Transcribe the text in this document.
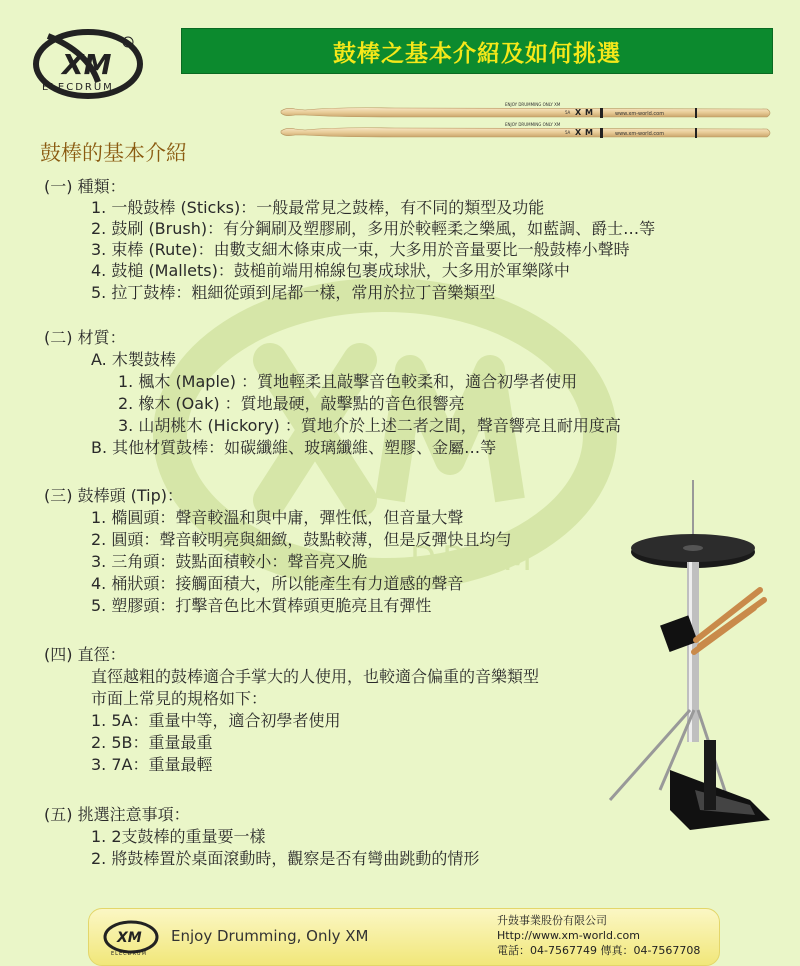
DRUM
XM
R
ELECDRUM
鼓棒之基本介紹及如何挑選
ENJOY DRUMMING ONLY XM
5A X M	www.xm-world.com
ENJOY DRUMMING ONLY XM
5A X M	www.xm-world.com
鼓棒的基本介紹
(一) 種類：
1. 一般鼓棒 (Sticks)：一般最常見之鼓棒，有不同的類型及功能
2. 鼓刷 (Brush)：有分鋼刷及塑膠刷，多用於較輕柔之樂風，如藍調、爵士…等
3. 束棒 (Rute)：由數支細木條束成一束，大多用於音量要比一般鼓棒小聲時
4. 鼓槌 (Mallets)：鼓槌前端用棉線包裹成球狀，大多用於軍樂隊中
5. 拉丁鼓棒：粗細從頭到尾都一樣，常用於拉丁音樂類型
(二) 材質：
A. 木製鼓棒
1. 楓木 (Maple) ：質地輕柔且敲擊音色較柔和，適合初學者使用
2. 橡木 (Oak) ：質地最硬，敲擊點的音色很響亮
3. 山胡桃木 (Hickory) ：質地介於上述二者之間，聲音響亮且耐用度高
B. 其他材質鼓棒：如碳纖維、玻璃纖維、塑膠、金屬…等
(三) 鼓棒頭 (Tip)：
1. 橢圓頭：聲音較溫和與中庸，彈性低，但音量大聲
2. 圓頭：聲音較明亮與細緻，鼓點較薄，但是反彈快且均勻
3. 三角頭：鼓點面積較小：聲音亮又脆
4. 桶狀頭：接觸面積大，所以能產生有力道感的聲音
5. 塑膠頭：打擊音色比木質棒頭更脆亮且有彈性
(四) 直徑：
直徑越粗的鼓棒適合手掌大的人使用，也較適合偏重的音樂類型
市面上常見的規格如下：
1. 5A：重量中等，適合初學者使用
2. 5B：重量最重
3. 7A：重量最輕
(五) 挑選注意事項：
1. 2支鼓棒的重量要一樣
2. 將鼓棒置於桌面滾動時，觀察是否有彎曲跳動的情形
XM
ELECDRUM
Enjoy Drumming, Only XM
升鼓事業股份有限公司
Http://www.xm-world.com
電話：04-7567749 傳真：04-7567708
